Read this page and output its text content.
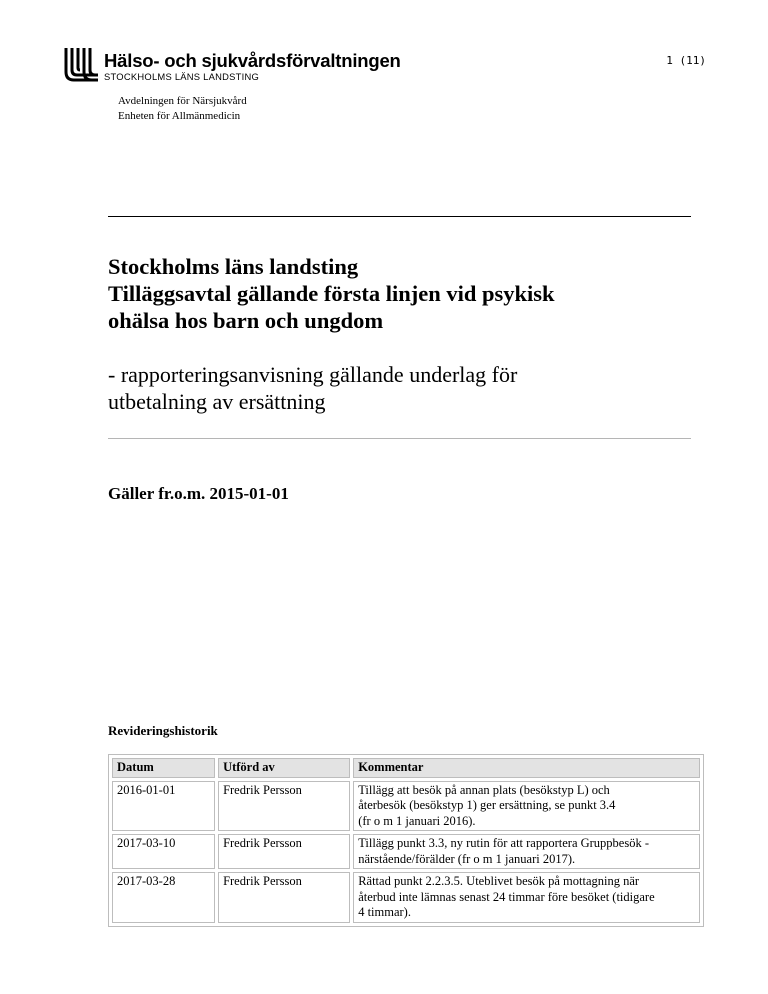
Hälso- och sjukvårdsförvaltningen
STOCKHOLMS LÄNS LANDSTING
1 (11)
Avdelningen för Närsjukvård
Enheten för Allmänmedicin
Stockholms läns landsting
Tilläggsavtal gällande första linjen vid psykisk
ohälsa hos barn och ungdom
- rapporteringsanvisning gällande underlag för
utbetalning av ersättning
Gäller fr.o.m. 2015-01-01
Revideringshistorik
Datum	Utförd av	Kommentar
2016-01-01	Fredrik Persson	Tillägg att besök på annan plats (besökstyp L) och
återbesök (besökstyp 1) ger ersättning, se punkt 3.4
(fr o m 1 januari 2016).

2017-03-10	Fredrik Persson	Tillägg punkt 3.3, ny rutin för att rapportera Gruppbesök -
närstående/förälder (fr o m 1 januari 2017).

2017-03-28	Fredrik Persson	Rättad punkt 2.2.3.5. Uteblivet besök på mottagning när
återbud inte lämnas senast 24 timmar före besöket (tidigare
4 timmar).
